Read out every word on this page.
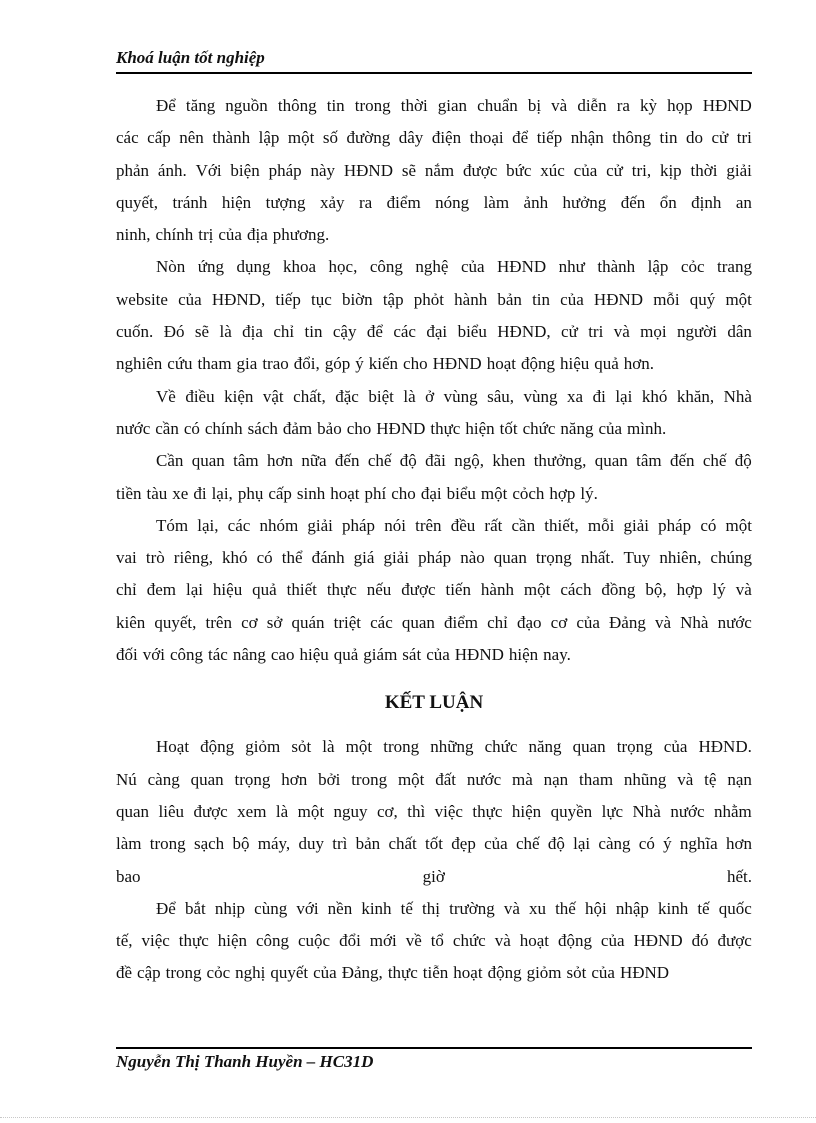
Khoá luận tốt nghiệp
Để tăng nguồn thông tin trong thời gian chuẩn bị và diễn ra kỳ họp HĐND
các cấp nên thành lập một số đường dây điện thoại để tiếp nhận thông tin do cử tri
phản ánh. Với biện pháp này HĐND sẽ nắm được bức xúc của cử tri, kịp thời giải
quyết, tránh hiện tượng xảy ra điểm nóng làm ảnh hưởng đến ổn định an
ninh, chính trị của địa phương.
Nòn ứng dụng khoa học, công nghệ của HĐND như thành lập cỏc trang
website của HĐND, tiếp tục biờn tập phỏt hành bản tin của HĐND mỗi quý một
cuốn. Đó sẽ là địa chỉ tin cậy để các đại biểu HĐND, cử tri và mọi người dân
nghiên cứu tham gia trao đổi, góp ý kiến cho HĐND hoạt động hiệu quả hơn.
Về điều kiện vật chất, đặc biệt là ở vùng sâu, vùng xa đi lại khó khăn, Nhà
nước cần có chính sách đảm bảo cho HĐND thực hiện tốt chức năng của mình.
Cần quan tâm hơn nữa đến chế độ đãi ngộ, khen thưởng, quan tâm đến chế độ
tiền tàu xe đi lại, phụ cấp sinh hoạt phí cho đại biểu một cỏch hợp lý.
Tóm lại, các nhóm giải pháp nói trên đều rất cần thiết, mỗi giải pháp có một
vai trò riêng, khó có thể đánh giá giải pháp nào quan trọng nhất. Tuy nhiên, chúng
chỉ đem lại hiệu quả thiết thực nếu được tiến hành một cách đồng bộ, hợp lý và
kiên quyết, trên cơ sở quán triệt các quan điểm chỉ đạo cơ của Đảng và Nhà nước
đối với công tác nâng cao hiệu quả giám sát của HĐND hiện nay.
KẾT LUẬN
Hoạt động giỏm sỏt là một trong những chức năng quan trọng của HĐND.
Nú càng quan trọng hơn bởi trong một đất nước mà nạn tham nhũng và tệ nạn
quan liêu được xem là một nguy cơ, thì việc thực hiện quyền lực Nhà nước nhằm
làm trong sạch bộ máy, duy trì bản chất tốt đẹp của chế độ lại càng có ý nghĩa hơn
bao	giờ	hết.
Để bắt nhịp cùng với nền kinh tế thị trường và xu thế hội nhập kinh tế quốc
tế, việc thực hiện công cuộc đổi mới về tổ chức và hoạt động của HĐND đó được
đề cập trong cỏc nghị quyết của Đảng, thực tiễn hoạt động giỏm sỏt của HĐND
Nguyễn Thị Thanh Huyền – HC31D
